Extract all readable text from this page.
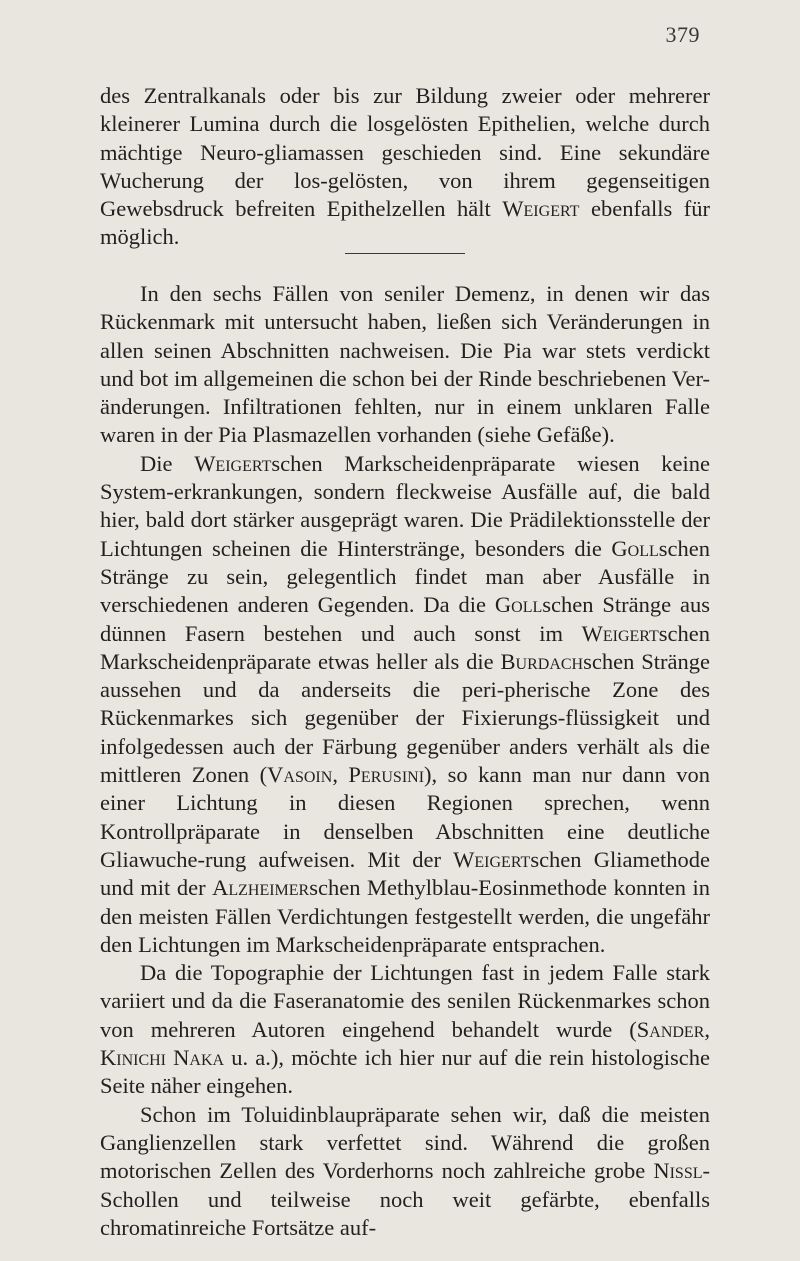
379

des Zentralkanals oder bis zur Bildung zweier oder mehrerer kleinerer Lumina durch die losgelösten Epithelien, welche durch mächtige Neuro-gliamassen geschieden sind. Eine sekundäre Wucherung der los-gelösten, von ihrem gegenseitigen Gewebsdruck befreiten Epithelzellen hält Weigert ebenfalls für möglich.

In den sechs Fällen von seniler Demenz, in denen wir das Rückenmark mit untersucht haben, ließen sich Veränderungen in allen seinen Abschnitten nachweisen. Die Pia war stets verdickt und bot im allgemeinen die schon bei der Rinde beschriebenen Ver-änderungen. Infiltrationen fehlten, nur in einem unklaren Falle waren in der Pia Plasmazellen vorhanden (siehe Gefäße).

Die Weigertschen Markscheidenpräparate wiesen keine System-erkrankungen, sondern fleckweise Ausfälle auf, die bald hier, bald dort stärker ausgeprägt waren. Die Prädilektionsstelle der Lichtungen scheinen die Hinterstränge, besonders die Gollschen Stränge zu sein, gelegentlich findet man aber Ausfälle in verschiedenen anderen Gegenden. Da die Gollschen Stränge aus dünnen Fasern bestehen und auch sonst im Weigertschen Markscheidenpräparate etwas heller als die Burdachschen Stränge aussehen und da anderseits die peri-pherische Zone des Rückenmarkes sich gegenüber der Fixierungs-flüssigkeit und infolgedessen auch der Färbung gegenüber anders verhält als die mittleren Zonen (Vasoin, Perusini), so kann man nur dann von einer Lichtung in diesen Regionen sprechen, wenn Kontrollpräparate in denselben Abschnitten eine deutliche Gliawuche-rung aufweisen. Mit der Weigertschen Gliamethode und mit der Alzheimerschen Methylblau-Eosinmethode konnten in den meisten Fällen Verdichtungen festgestellt werden, die ungefähr den Lichtungen im Markscheidenpräparate entsprachen.

Da die Topographie der Lichtungen fast in jedem Falle stark variiert und da die Faseranatomie des senilen Rückenmarkes schon von mehreren Autoren eingehend behandelt wurde (Sander, Kinichi Naka u. a.), möchte ich hier nur auf die rein histologische Seite näher eingehen.

Schon im Toluidinblaupräparate sehen wir, daß die meisten Ganglienzellen stark verfettet sind. Während die großen motorischen Zellen des Vorderhorns noch zahlreiche grobe Nissl-Schollen und teilweise noch weit gefärbte, ebenfalls chromatinreiche Fortsätze auf-
